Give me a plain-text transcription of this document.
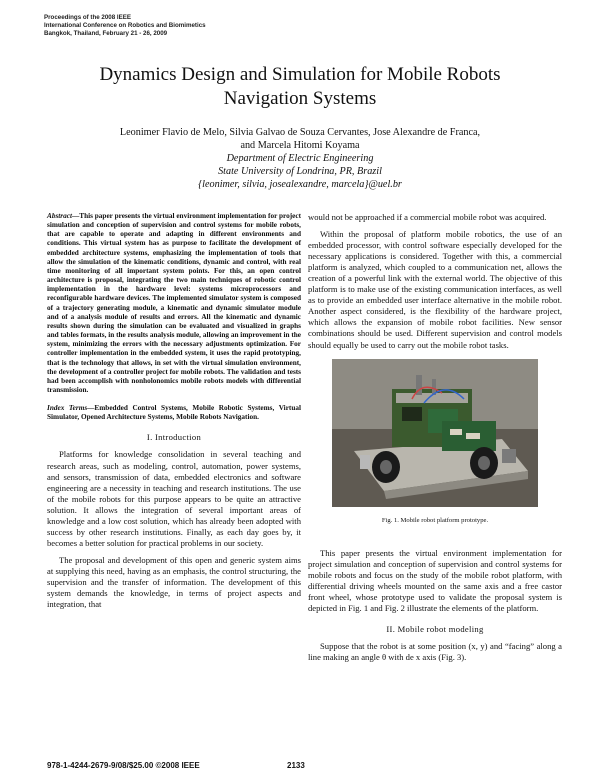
Proceedings of the 2008 IEEE
International Conference on Robotics and Biomimetics
Bangkok, Thailand, February 21 - 26, 2009
Dynamics Design and Simulation for Mobile Robots
Navigation Systems
Leonimer Flavio de Melo, Silvia Galvao de Souza Cervantes, Jose Alexandre de Franca,
and Marcela Hitomi Koyama
Department of Electric Engineering
State University of Londrina, PR, Brazil
{leonimer, silvia, josealexandre, marcela}@uel.br
Abstract—This paper presents the virtual environment implementation for project simulation and conception of supervision and control systems for mobile robots, that are capable to operate and adapting in different environments and conditions. This virtual system has as purpose to facilitate the development of embedded architecture systems, emphasizing the implementation of tools that allow the simulation of the kinematic conditions, dynamic and control, with real time monitoring of all important system points. For this, an open control architecture is proposal, integrating the two main techniques of robotic control implementation in the hardware level: systems microprocessors and reconfigurable hardware devices. The implemented simulator system is composed of a trajectory generating module, a kinematic and dynamic simulator module and of a analysis module of results and errors. All the kinematic and dynamic results shown during the simulation can be evaluated and visualized in graphs and tables formats, in the results analysis module, allowing an improvement in the system, minimizing the errors with the necessary adjustments optimization. For controller implementation in the embedded system, it uses the rapid prototyping, that is the technology that allows, in set with the virtual simulation environment, the development of a controller project for mobile robots. The validation and tests had been accomplish with nonholonomics mobile robots models with differential transmission.
Index Terms—Embedded Control Systems, Mobile Robotic Systems, Virtual Simulator, Opened Architecture Systems, Mobile Robots Navigation.
I. Introduction

Platforms for knowledge consolidation in several teaching and research areas, such as modeling, control, automation, power systems, and sensors, transmission of data, embedded electronics and software engineering are a necessity in teaching and research institutions. The use of the mobile robots for this purpose appears to be quite an attractive solution. It allows the integration of several important areas of knowledge and a low cost solution, which has already been adopted with success by other research institutions. Finally, as each day goes by, it becomes a better solution for practical problems in our society.

The proposal and development of this open and generic system aims at supplying this need, having as an emphasis, the control structuring, the supervision and the transfer of information. The development of this system demands the knowledge, in terms of project aspects and integration, that

would not be approached if a commercial mobile robot was acquired.

Within the proposal of platform mobile robotics, the use of an embedded processor, with control software especially developed for the necessary applications is considered. Together with this, a commercial platform is analyzed, which coupled to a communication net, allows the creation of a powerful link with the external world. The objective of this platform is to make use of the existing communication interfaces, as well as to provide an embedded user interface alternative in the mobile robot. Another aspect considered, is the flexibility of the hardware project, which allows the expansion of mobile robot facilities. New sensor combinations should be used. Different supervision and control models should equally be used to carry out the mobile robot tasks.

Fig. 1. Mobile robot platform prototype.

This paper presents the virtual environment implementation for project simulation and conception of supervision and control systems for mobile robots and focus on the study of the mobile robot platform, with differential driving wheels mounted on the same axis and a free castor front wheel, whose prototype used to validate the proposal system is depicted in Fig. 1 and Fig. 2 illustrate the elements of the platform.

II. Mobile robot modeling

Suppose that the robot is at some position (x, y) and “facing” along a line making an angle θ with de x axis (Fig. 3).

978-1-4244-2679-9/08/$25.00 ©2008 IEEE	2133
